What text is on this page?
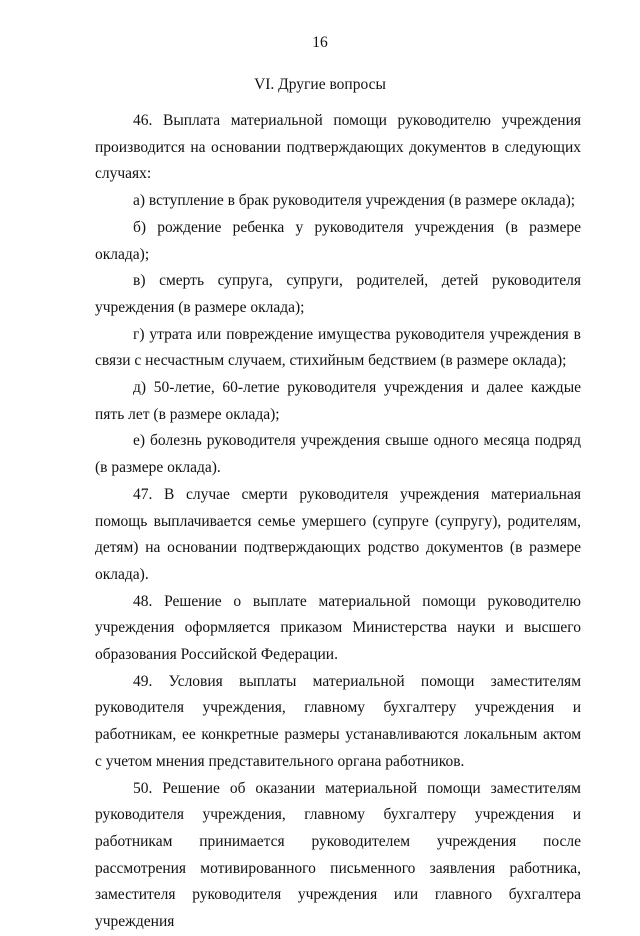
16
VI. Другие вопросы

46. Выплата материальной помощи руководителю учреждения производится на основании подтверждающих документов в следующих случаях:

а) вступление в брак руководителя учреждения (в размере оклада);

б) рождение ребенка у руководителя учреждения (в размере оклада);

в) смерть супруга, супруги, родителей, детей руководителя учреждения (в размере оклада);

г) утрата или повреждение имущества руководителя учреждения в связи с несчастным случаем, стихийным бедствием (в размере оклада);

д) 50-летие, 60-летие руководителя учреждения и далее каждые пять лет (в размере оклада);

е) болезнь руководителя учреждения свыше одного месяца подряд (в размере оклада).

47. В случае смерти руководителя учреждения материальная помощь выплачивается семье умершего (супруге (супругу), родителям, детям) на основании подтверждающих родство документов (в размере оклада).

48. Решение о выплате материальной помощи руководителю учреждения оформляется приказом Министерства науки и высшего образования Российской Федерации.

49. Условия выплаты материальной помощи заместителям руководителя учреждения, главному бухгалтеру учреждения и работникам, ее конкретные размеры устанавливаются локальным актом с учетом мнения представительного органа работников.

50. Решение об оказании материальной помощи заместителям руководителя учреждения, главному бухгалтеру учреждения и работникам принимается руководителем учреждения после рассмотрения мотивированного письменного заявления работника, заместителя руководителя учреждения или главного бухгалтера учреждения
